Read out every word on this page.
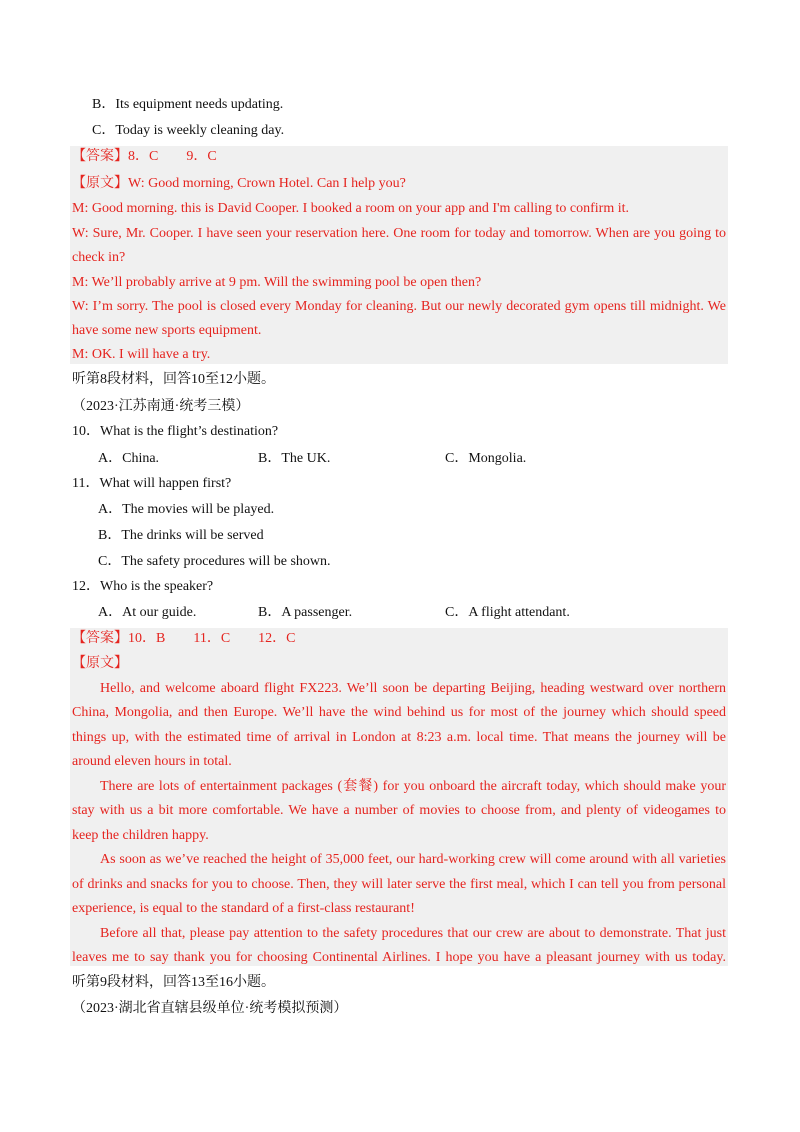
B．Its equipment needs updating.
C．Today is weekly cleaning day.
【答案】8．C　　9．C
【原文】W: Good morning, Crown Hotel. Can I help you?
M: Good morning. this is David Cooper. I booked a room on your app and I'm calling to confirm it.
W: Sure, Mr. Cooper. I have seen your reservation here. One room for today and tomorrow. When are you going to
check in?
M: We’ll probably arrive at 9 pm. Will the swimming pool be open then?
W: I’m sorry. The pool is closed every Monday for cleaning. But our newly decorated gym opens till midnight. We
have some new sports equipment.
M: OK. I will have a try.
听第8段材料，回答10至12小题。
（2023·江苏南通·统考三模）
10．What is the flight’s destination?
A．China.	B．The UK.	C．Mongolia.
11．What will happen first?
A．The movies will be played.
B．The drinks will be served
C．The safety procedures will be shown.
12．Who is the speaker?
A．At our guide.	B．A passenger.	C．A flight attendant.
【答案】10．B　　11．C　　12．C
【原文】
Hello, and welcome aboard flight FX223. We’ll soon be departing Beijing, heading westward over northern
China, Mongolia, and then Europe. We’ll have the wind behind us for most of the journey which should speed
things up, with the estimated time of arrival in London at 8:23 a.m. local time. That means the journey will be
around eleven hours in total.
There are lots of entertainment packages (套餐) for you onboard the aircraft today, which should make your
stay with us a bit more comfortable. We have a number of movies to choose from, and plenty of videogames to
keep the children happy.
As soon as we’ve reached the height of 35,000 feet, our hard-working crew will come around with all varieties
of drinks and snacks for you to choose. Then, they will later serve the first meal, which I can tell you from personal
experience, is equal to the standard of a first-class restaurant!
Before all that, please pay attention to the safety procedures that our crew are about to demonstrate. That just
leaves me to say thank you for choosing Continental Airlines. I hope you have a pleasant journey with us today.
听第9段材料，回答13至16小题。
（2023·湖北省直辖县级单位·统考模拟预测）
